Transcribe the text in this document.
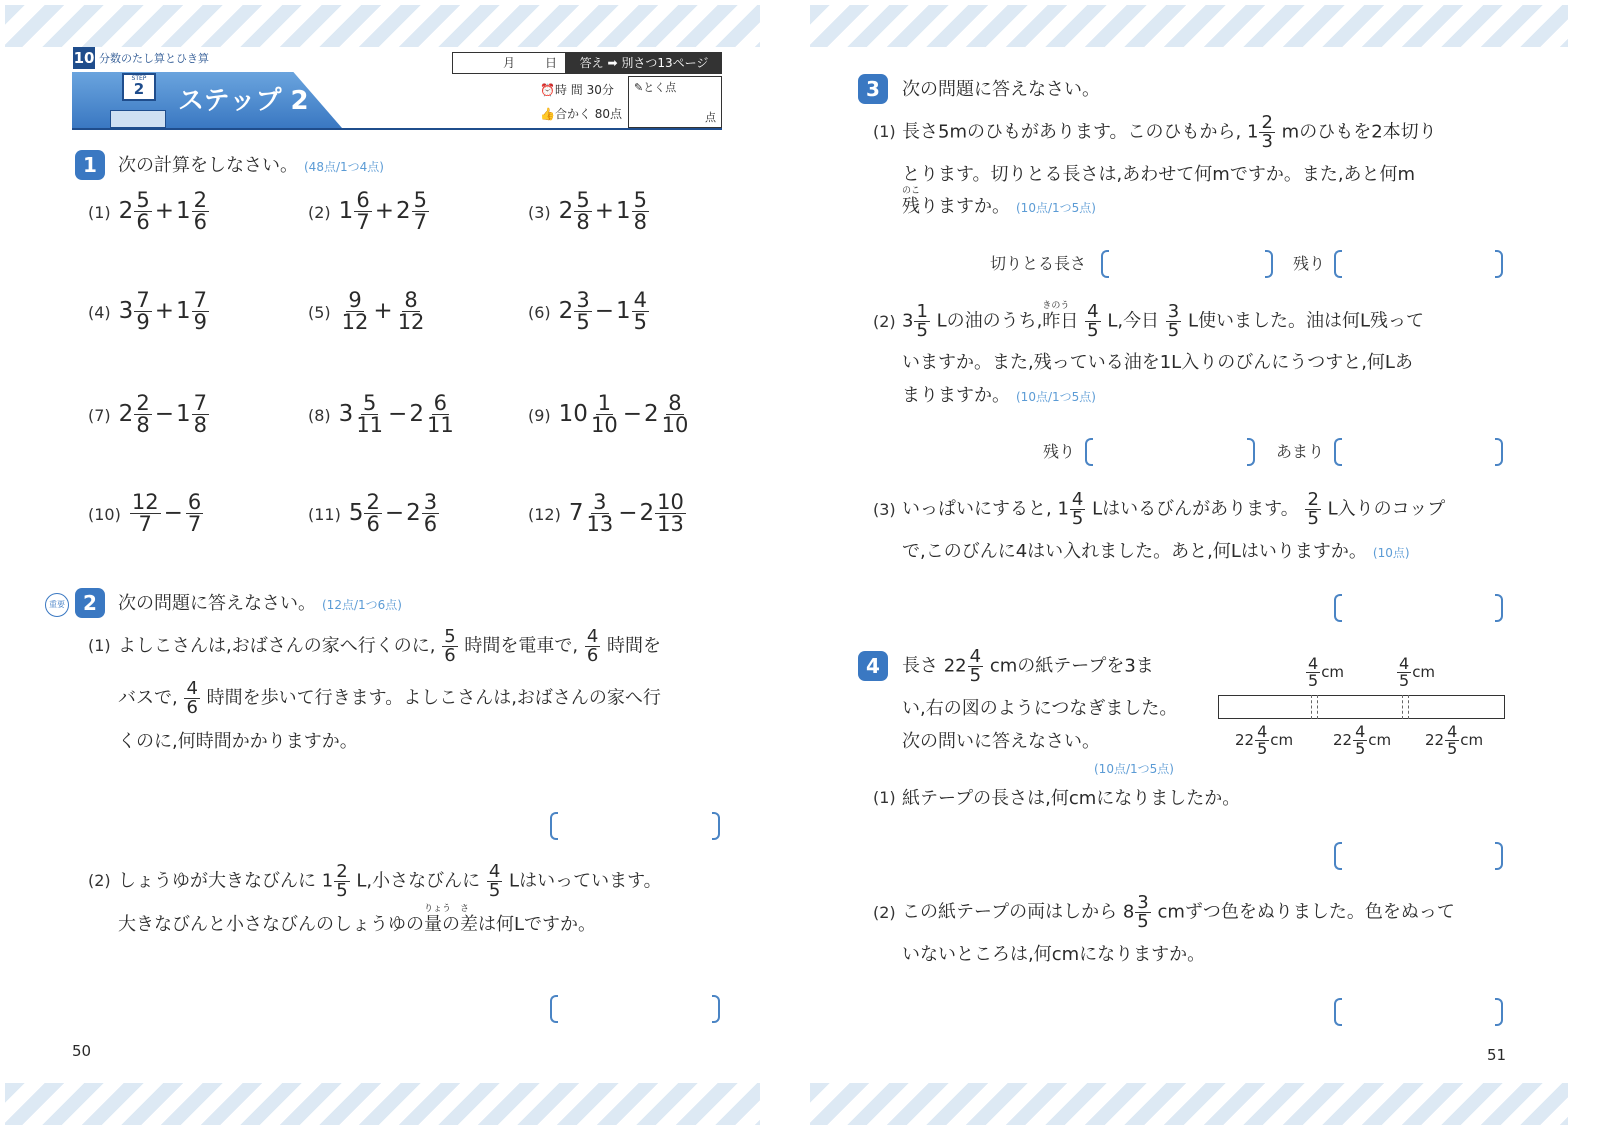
10 分数のたし算とひき算
STEP
2	ステップ 2
月 日	答え ➡ 別さつ13ページ
⏰時 間 30分
👍合かく 80点
✎とく点
点
1	次の計算をしなさい。 (48点/1つ4点)
(1) $2 \frac{5}{6} +1 \frac{2}{6}$	(2) $1 \frac{6}{7} +2 \frac{5}{7}$	(3) $2 \frac{5}{8} +1 \frac{5}{8}$
(4) $3 \frac{7}{9} +1 \frac{7}{9}$	$(5) \frac{9}{12} + \frac{8}{12}$	(6) $2 \frac{3}{5} -1 \frac{4}{5}$
(7) $2 \frac{2}{8} -1 \frac{7}{8}$	(8) $3 \frac{5}{11} -2 \frac{6}{11}$	(9) $10 \frac{1}{10} -2 \frac{8}{10}$
$(10) \frac{12}{7} - \frac{6}{7}$	(11) $5 \frac{2}{6} -2 \frac{3}{6}$	(12) $7 \frac{3}{13} -2 \frac{10}{13}$
重要 2	次の問題に答えなさい。 (12点/1つ6点)
(1) よしこさんは,おばさんの家へ行くのに, $\frac{5}{6}$ 時間を電車で, $\frac{4}{6}$ 時間を
バスで, $\frac{4}{6}$ 時間を歩いて行きます。よしこさんは,おばさんの家へ行
くのに,何時間かかりますか。
(2) しょうゆが大きなびんに $1 \frac{2}{5} L$,小さなびんに $\frac{4}{5}$ Lはいっています。
大きなびんと小さなびんのしょうゆの
りょう
量の
さ
差は何Lですか。
50
3	次の問題に答えなさい。
(1) 長さ5mのひもがあります。このひもから, $1 \frac{2}{3}$ mのひもを2本切り
とります。切りとる長さは,あわせて何mですか。また,あと何m
のこ
残りますか。 (10点/1つ5点)
切りとる長さ	残り
(2) $3 \frac{1}{5}$ Lの油のうち,
きのう
昨日 $\frac{4}{5} L$,今日 $\frac{3}{5}$ L使いました。油は何L残って
いますか。また,残っている油を1L入りのびんにうつすと,何Lあ
まりますか。 (10点/1つ5点)
残り	あまり
(3) いっぱいにすると, $1 \frac{4}{5}$ Lはいるびんがあります。 $\frac{2}{5}$ L入りのコップ
で,このびんに4はい入れました。あと,何Lはいりますか。 (10点)
4	長さ $22 \frac{4}{5}$ cmの紙テープを3ま
い,右の図のようにつなぎました。
次の問いに答えなさい。
(10点/1つ5点)
$\frac{4}{5}$ cm	$\frac{4}{5}$ cm
$22 \frac{4}{5}$ cm	$22 \frac{4}{5}$ cm $22 \frac{4}{5}$ cm
(1) 紙テープの長さは,何cmになりましたか。
(2) この紙テープの両はしから $8 \frac{3}{5}$ cmずつ色をぬりました。色をぬって
いないところは,何cmになりますか。
51
